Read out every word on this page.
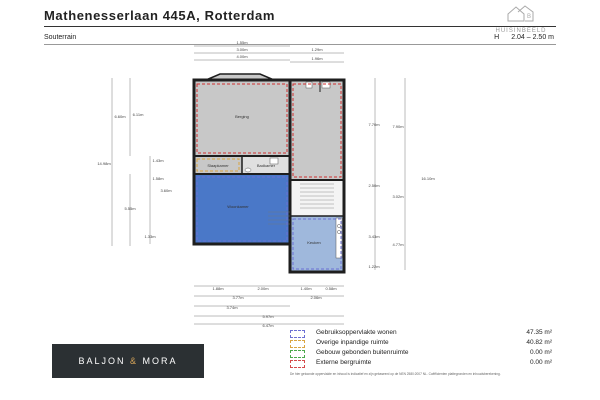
Mathenesserlaan 445A, Rotterdam	B
HUISINBEELD
Souterrain	H 2.04 – 2.50 m
1.55m
3.00m
4.00m
1.29m
1.96m
6.60m 6.11m
14.98m
1.43m
1.58m
3.60m
5.55m
1.33m
7.70m	7.90m
16.10m
2.50m
3.02m
3.43m
4.77m
1.22m
1.88m	2.00m	1.40m	0.58m
3.77m	2.06m
3.74m
5.97m
6.47m
Berging
Slaapkamer	Badkamer
Woonkamer
Keuken
Gebruiksoppervlakte wonen	47.35 m²
Overige inpandige ruimte	40.82 m²
Gebouw gebonden buitenruimte	0.00 m²
Externe bergruimte	0.00 m²
De hier getoonde oppervlakte en inhoud is indicatief en zijn gebaseerd op de NEN 2580:2007 NL. Coëfficienten plattegronden en inhoudsberekening.
BALJON & MORA
